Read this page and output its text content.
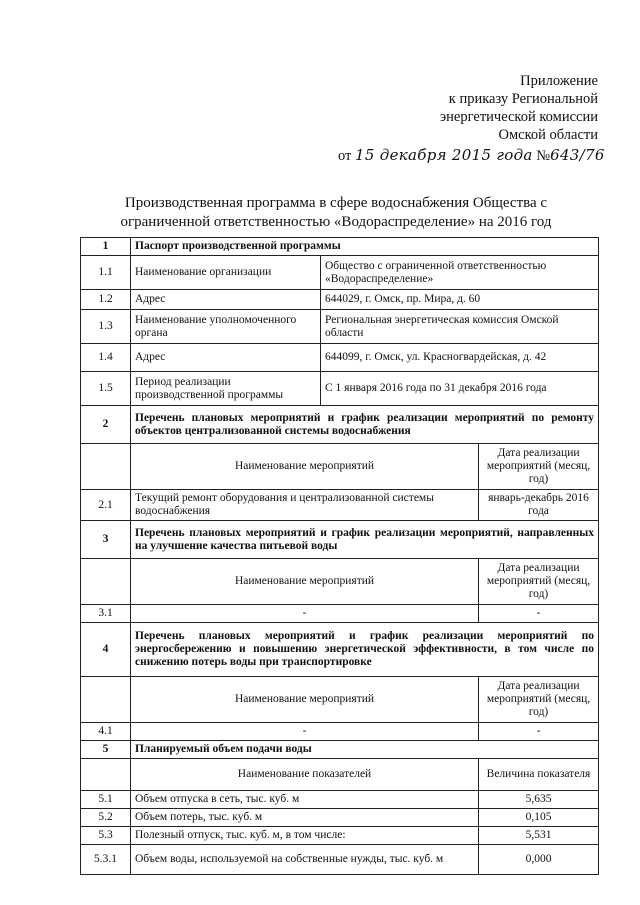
Приложение
к приказу Региональной
энергетической комиссии
Омской области
от 15 декабря 2015 года №643/76
Производственная программа в сфере водоснабжения Общества с
ограниченной ответственностью «Водораспределение» на 2016 год
1	Паспорт производственной программы		
1.1	Наименование организации	Общество с ограниченной ответственностью «Водораспределение»	
1.2	Адрес	644029, г. Омск, пр. Мира, д. 60	
1.3	Наименование уполномоченного органа	Региональная энергетическая комиссия Омской области	
1.4	Адрес	644099, г. Омск, ул. Красногвардейская, д. 42	
1.5	Период реализации производственной программы	С 1 января 2016 года по 31 декабря 2016 года	
2	Перечень плановых мероприятий и график реализации мероприятий по ремонту объектов централизованной системы водоснабжения		
	Наименование мероприятий		Дата реализации мероприятий (месяц, год)
2.1	Текущий ремонт оборудования и централизованной системы водоснабжения		январь-декабрь 2016 года
3	Перечень плановых мероприятий и график реализации мероприятий, направленных на улучшение качества питьевой воды		
	Наименование мероприятий		Дата реализации мероприятий (месяц, год)
3.1	-		-
4	Перечень плановых мероприятий и график реализации мероприятий по энергосбережению и повышению энергетической эффективности, в том числе по снижению потерь воды при транспортировке		
	Наименование мероприятий		Дата реализации мероприятий (месяц, год)
4.1	-		-
5	Планируемый объем подачи воды		
	Наименование показателей		Величина показателя
5.1	Объем отпуска в сеть, тыс. куб. м		5,635
5.2	Объем потерь, тыс. куб. м		0,105
5.3	Полезный отпуск, тыс. куб. м, в том числе:		5,531
5.3.1	Объем воды, используемой на собственные нужды, тыс. куб. м		0,000
